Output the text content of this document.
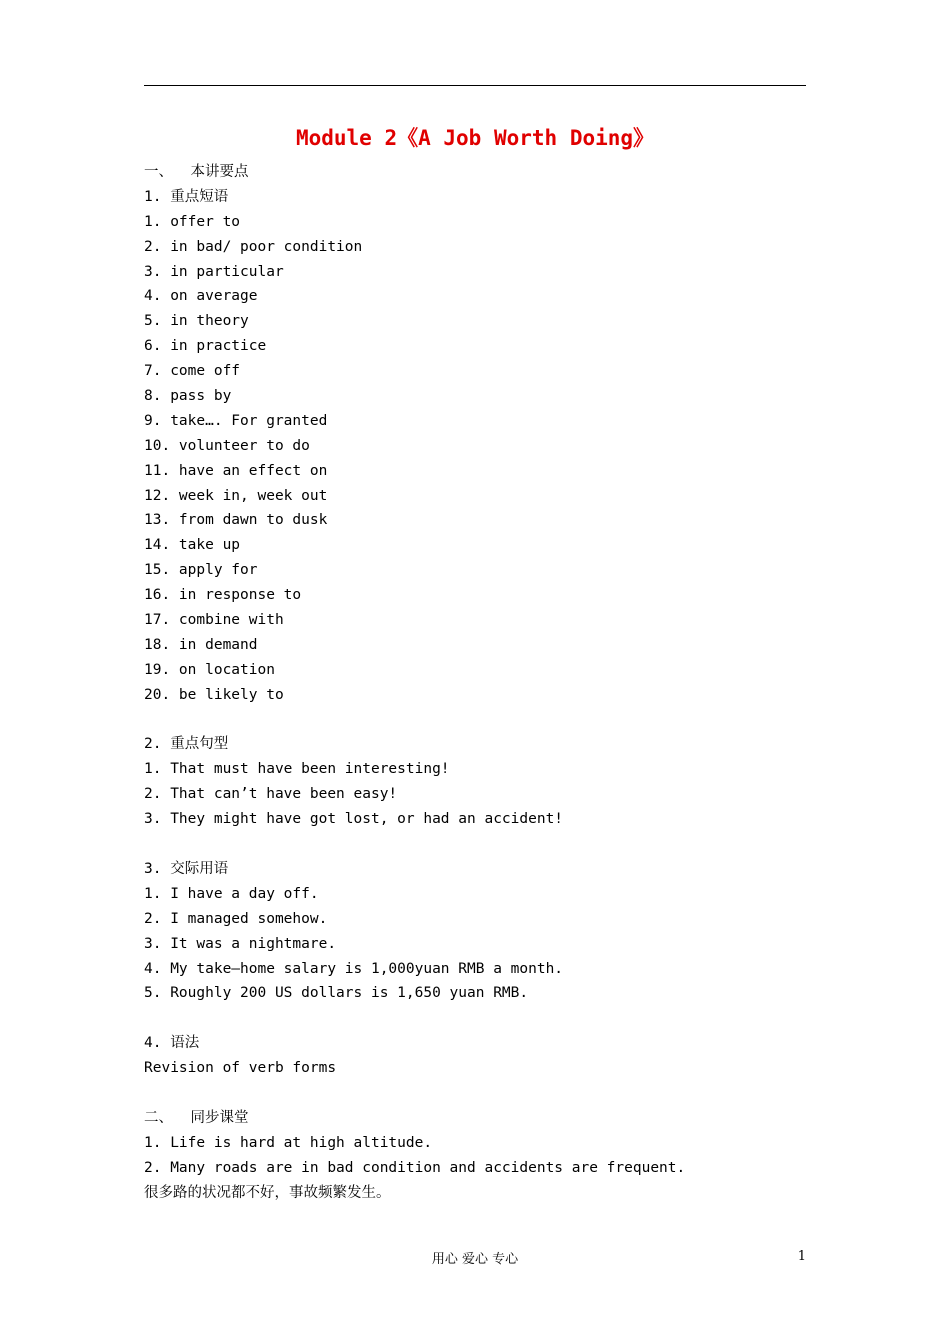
Module 2《A Job Worth Doing》
一、  本讲要点
1. 重点短语
1. offer to
2. in bad/ poor condition
3. in particular
4. on average
5. in theory
6. in practice
7. come off
8. pass by
9. take…. For granted
10. volunteer to do
11. have an effect on
12. week in, week out
13. from dawn to dusk
14. take up
15. apply for
16. in response to
17. combine with
18. in demand
19. on location
20. be likely to
2. 重点句型
1. That must have been interesting!
2. That can’t have been easy!
3. They might have got lost, or had an accident!
3. 交际用语
1. I have a day off.
2. I managed somehow.
3. It was a nightmare.
4. My take—home salary is 1,000yuan RMB a month.
5. Roughly 200 US dollars is 1,650 yuan RMB.
4. 语法
Revision of verb forms
二、  同步课堂
1. Life is hard at high altitude.
2. Many roads are in bad condition and accidents are frequent.
很多路的状况都不好，事故频繁发生。
用心 爱心 专心	1
